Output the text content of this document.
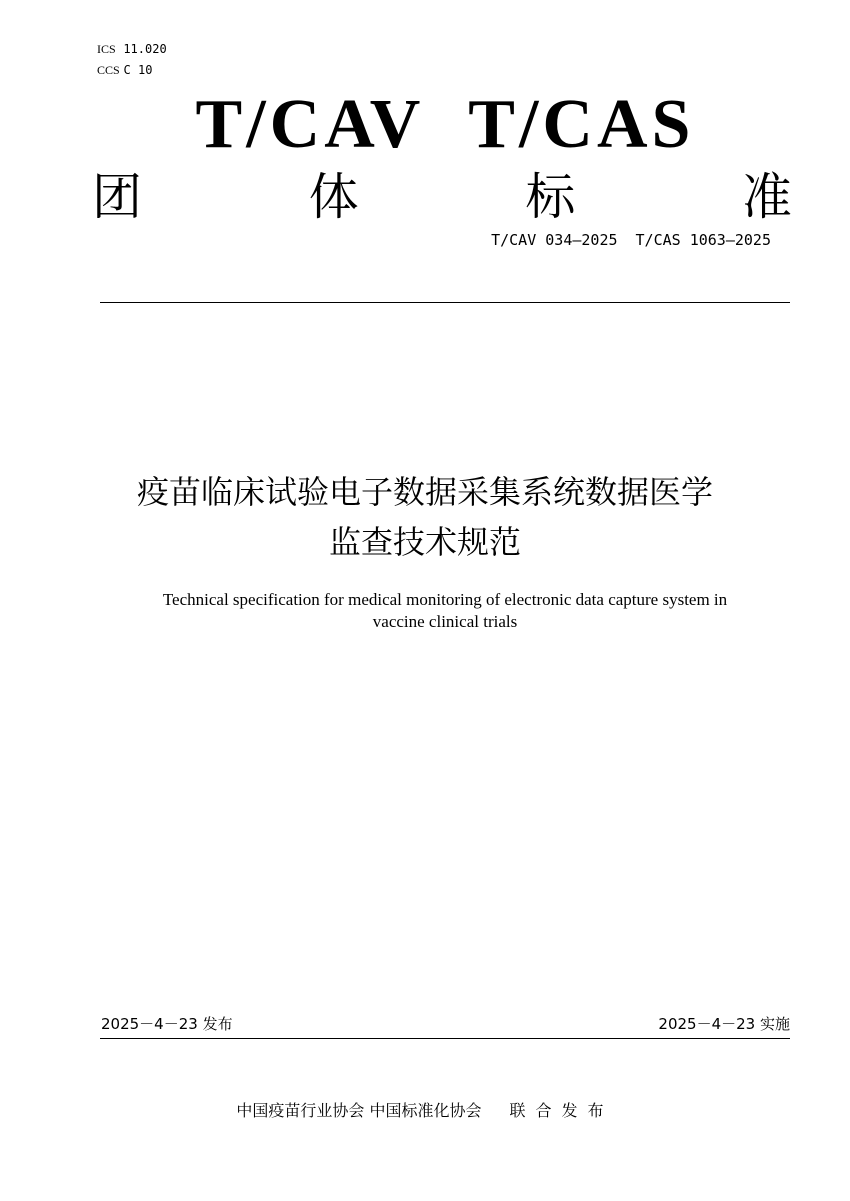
ICS 11.020
CCS C 10
T/CAV T/CAS
团	体	标	准
T/CAV 034—2025 T/CAS 1063—2025
疫苗临床试验电子数据采集系统数据医学
监查技术规范
Technical specification for medical monitoring of electronic data capture system in
vaccine clinical trials
2025－4－23 发布	2025－4－23 实施
中国疫苗行业协会 中国标准化协会 联合发布
